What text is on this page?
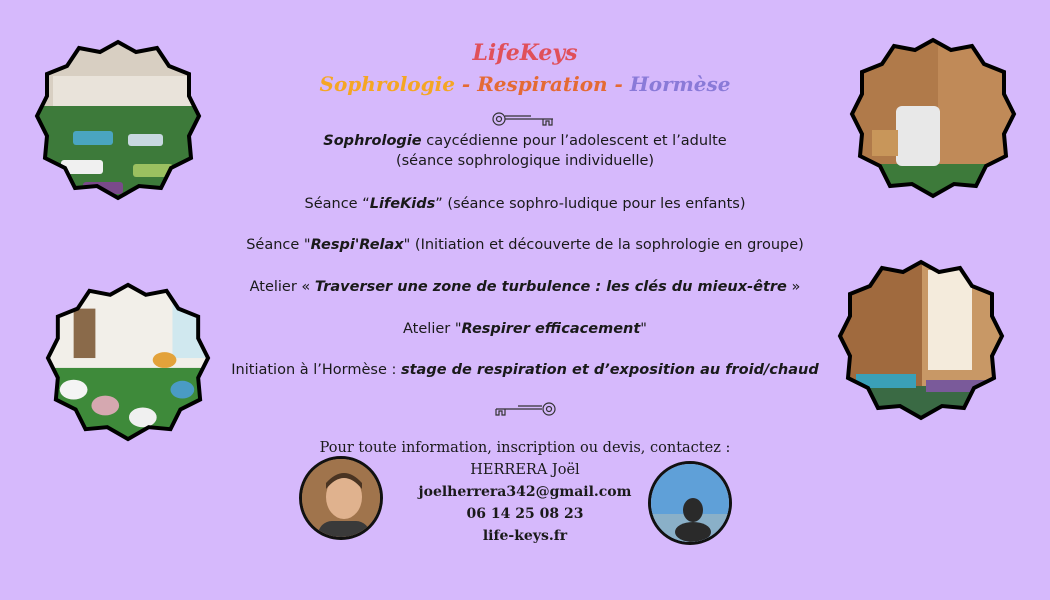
LifeKeys
Sophrologie - Respiration - Hormèse
Sophrologie caycédienne pour l’adolescent et l’adulte
(séance sophrologique individuelle)
Séance “LifeKids” (séance sophro-ludique pour les enfants)
Séance "Respi'Relax" (Initiation et découverte de la sophrologie en groupe)
Atelier « Traverser une zone de turbulence : les clés du mieux-être »
Atelier "Respirer efficacement"
Initiation à l’Hormèse : stage de respiration et d’exposition au froid/chaud
Pour toute information, inscription ou devis, contactez :
HERRERA Joël
joelherrera342@gmail.com
06 14 25 08 23
life-keys.fr
